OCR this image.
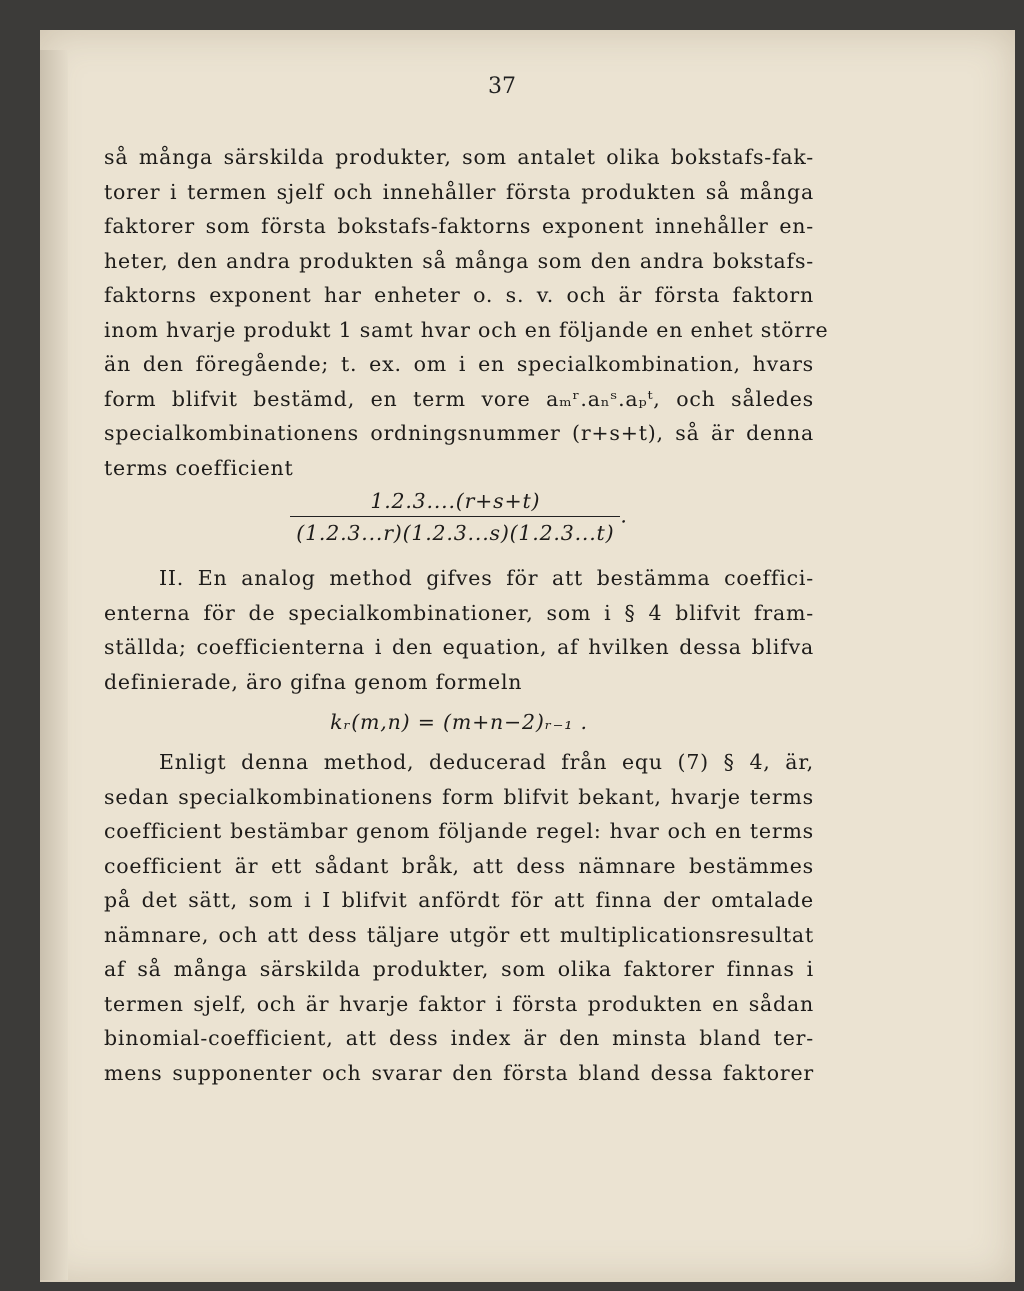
37
så många särskilda produkter, som antalet olika bokstafs-fak-
torer i termen sjelf och innehåller första produkten så många
faktorer som första bokstafs-faktorns exponent innehåller en-
heter, den andra produkten så många som den andra bokstafs-
faktorns exponent har enheter o. s. v. och är första faktorn
inom hvarje produkt 1 samt hvar och en följande en enhet större
än den föregående; t. ex. om i en specialkombination, hvars
form blifvit bestämd, en term vore aₘʳ.aₙˢ.aₚᵗ, och således
specialkombinationens ordningsnummer (r+s+t), så är denna
terms coefficient
$\frac{1.2.3....(r+s+t)}{(1.2.3...r)(1.2.3...s)(1.2.3...t)}$ .
II. En analog method gifves för att bestämma coeffici-
enterna för de specialkombinationer, som i § 4 blifvit fram-
ställda; coefficienterna i den equation, af hvilken dessa blifva
definierade, äro gifna genom formeln
kᵣ(m,n) = (m+n−2)ᵣ₋₁ .
Enligt denna method, deducerad från equ (7) § 4, är,
sedan specialkombinationens form blifvit bekant, hvarje terms
coefficient bestämbar genom följande regel: hvar och en terms
coefficient är ett sådant bråk, att dess nämnare bestämmes
på det sätt, som i I blifvit anfördt för att finna der omtalade
nämnare, och att dess täljare utgör ett multiplicationsresultat
af så många särskilda produkter, som olika faktorer finnas i
termen sjelf, och är hvarje faktor i första produkten en sådan
binomial-coefficient, att dess index är den minsta bland ter-
mens supponenter och svarar den första bland dessa faktorer
